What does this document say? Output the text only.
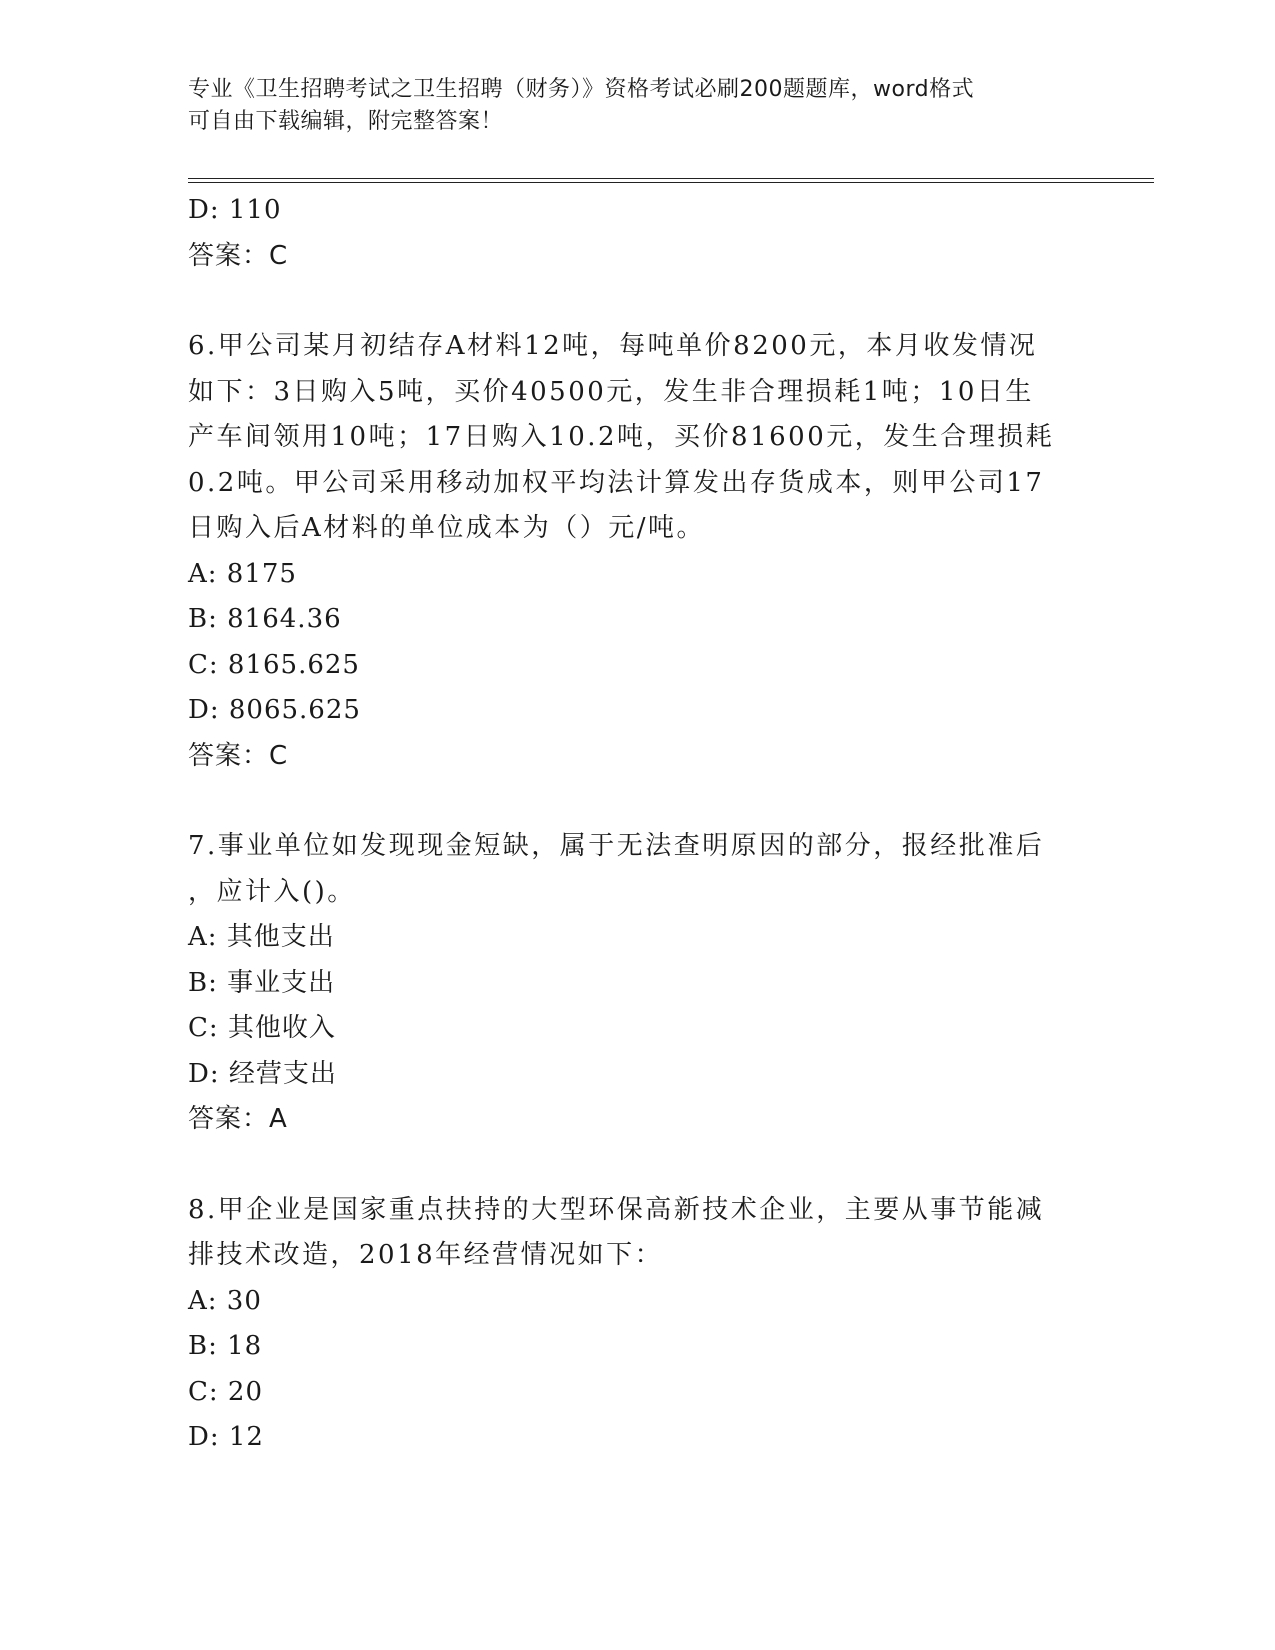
专业《卫生招聘考试之卫生招聘（财务）》资格考试必刷200题题库，word格式
可自由下载编辑，附完整答案！
D: 110
答案：C
6.甲公司某月初结存A材料12吨，每吨单价8200元，本月收发情况
如下：3日购入5吨，买价40500元，发生非合理损耗1吨；10日生
产车间领用10吨；17日购入10.2吨，买价81600元，发生合理损耗
0.2吨。甲公司采用移动加权平均法计算发出存货成本，则甲公司17
日购入后A材料的单位成本为（）元/吨。
A: 8175
B: 8164.36
C: 8165.625
D: 8065.625
答案：C
7.事业单位如发现现金短缺，属于无法查明原因的部分，报经批准后
，应计入()。
A: 其他支出
B: 事业支出
C: 其他收入
D: 经营支出
答案：A
8.甲企业是国家重点扶持的大型环保高新技术企业，主要从事节能减
排技术改造，2018年经营情况如下：
A: 30
B: 18
C: 20
D: 12
